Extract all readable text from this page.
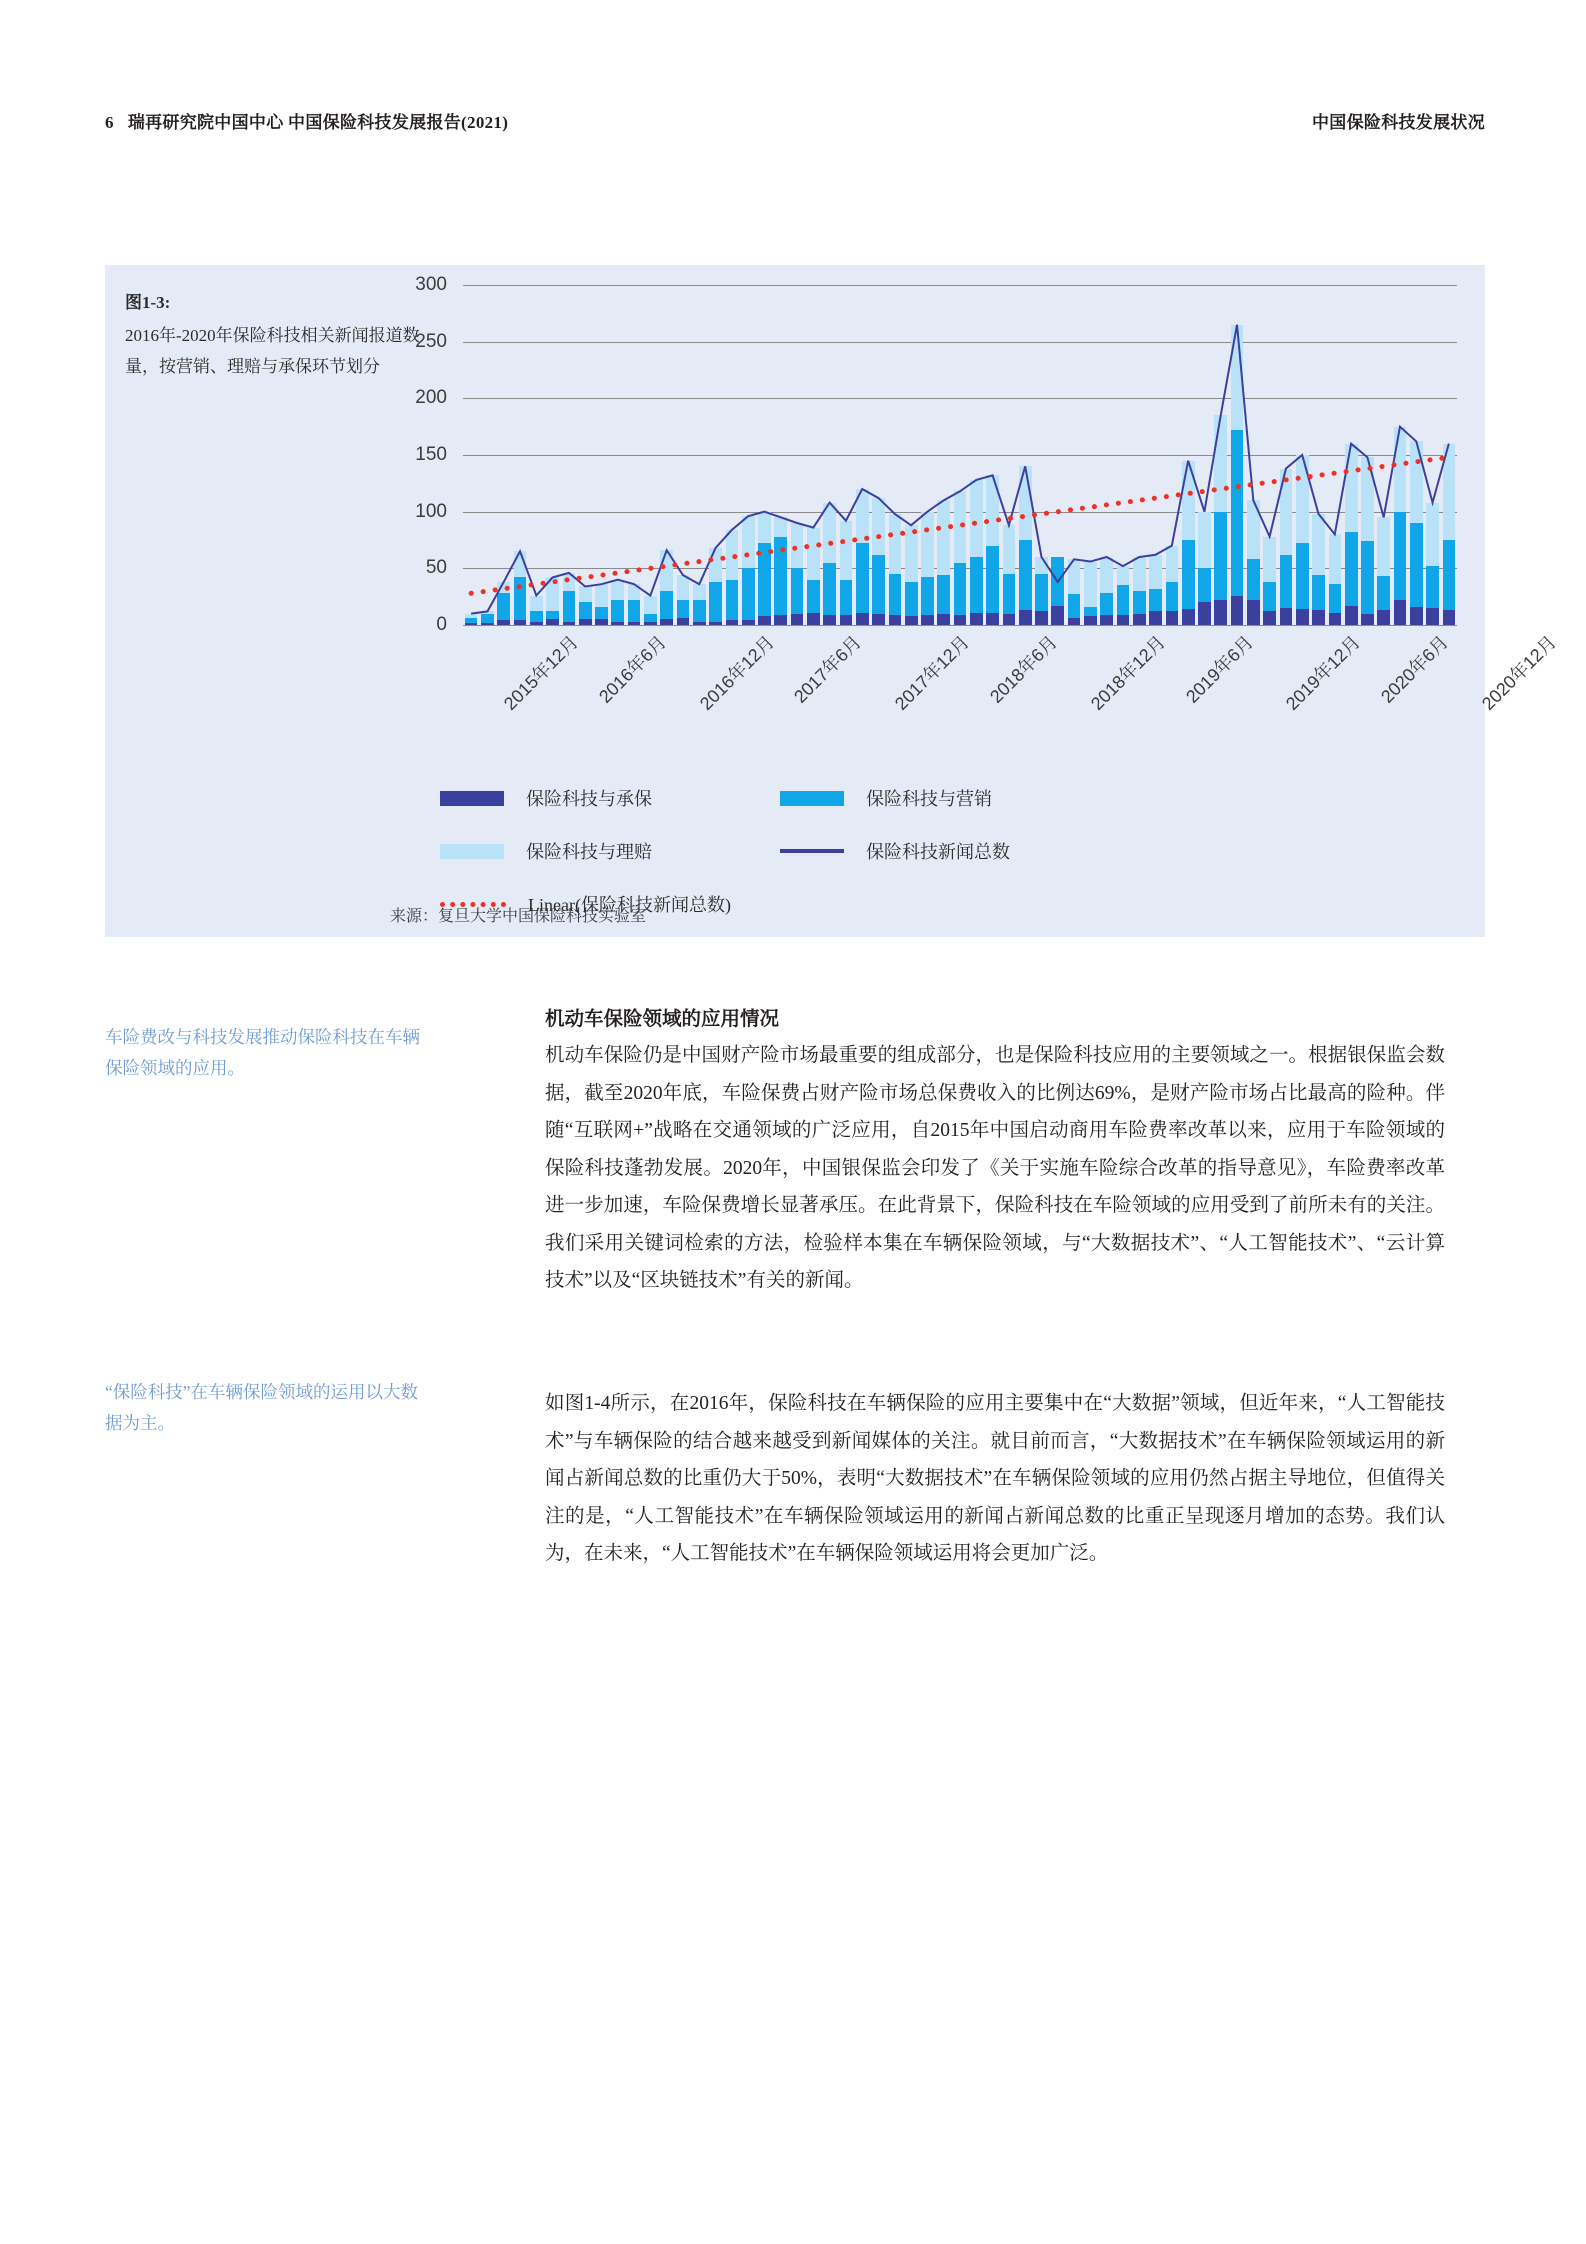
6 瑞再研究院中国中心 中国保险科技发展报告(2021)	中国保险科技发展状况
图1-3:
2016年-2020年保险科技相关新闻报道数量，按营销、理赔与承保环节划分
0
50
100
150
200
250
300
2015年12月 2016年6月 2016年12月 2017年6月 2017年12月 2018年6月 2018年12月 2019年6月 2019年12月 2020年6月 2020年12月
保险科技与承保	保险科技与营销
保险科技与理赔	保险科技新闻总数
Linear(保险科技新闻总数)
来源：复旦大学中国保险科技实验室
车险费改与科技发展推动保险科技在车辆保险领域的应用。
“保险科技”在车辆保险领域的运用以大数据为主。
机动车保险领域的应用情况

机动车保险仍是中国财产险市场最重要的组成部分，也是保险科技应用的主要领域之一。根据银保监会数据，截至2020年底，车险保费占财产险市场总保费收入的比例达69%，是财产险市场占比最高的险种。伴随“互联网+”战略在交通领域的广泛应用，自2015年中国启动商用车险费率改革以来，应用于车险领域的保险科技蓬勃发展。2020年，中国银保监会印发了《关于实施车险综合改革的指导意见》，车险费率改革进一步加速，车险保费增长显著承压。在此背景下，保险科技在车险领域的应用受到了前所未有的关注。我们采用关键词检索的方法，检验样本集在车辆保险领域，与“大数据技术”、“人工智能技术”、“云计算技术”以及“区块链技术”有关的新闻。

如图1-4所示，在2016年，保险科技在车辆保险的应用主要集中在“大数据”领域，但近年来，“人工智能技术”与车辆保险的结合越来越受到新闻媒体的关注。就目前而言，“大数据技术”在车辆保险领域运用的新闻占新闻总数的比重仍大于50%，表明“大数据技术”在车辆保险领域的应用仍然占据主导地位，但值得关注的是，“人工智能技术”在车辆保险领域运用的新闻占新闻总数的比重正呈现逐月增加的态势。我们认为，在未来，“人工智能技术”在车辆保险领域运用将会更加广泛。
